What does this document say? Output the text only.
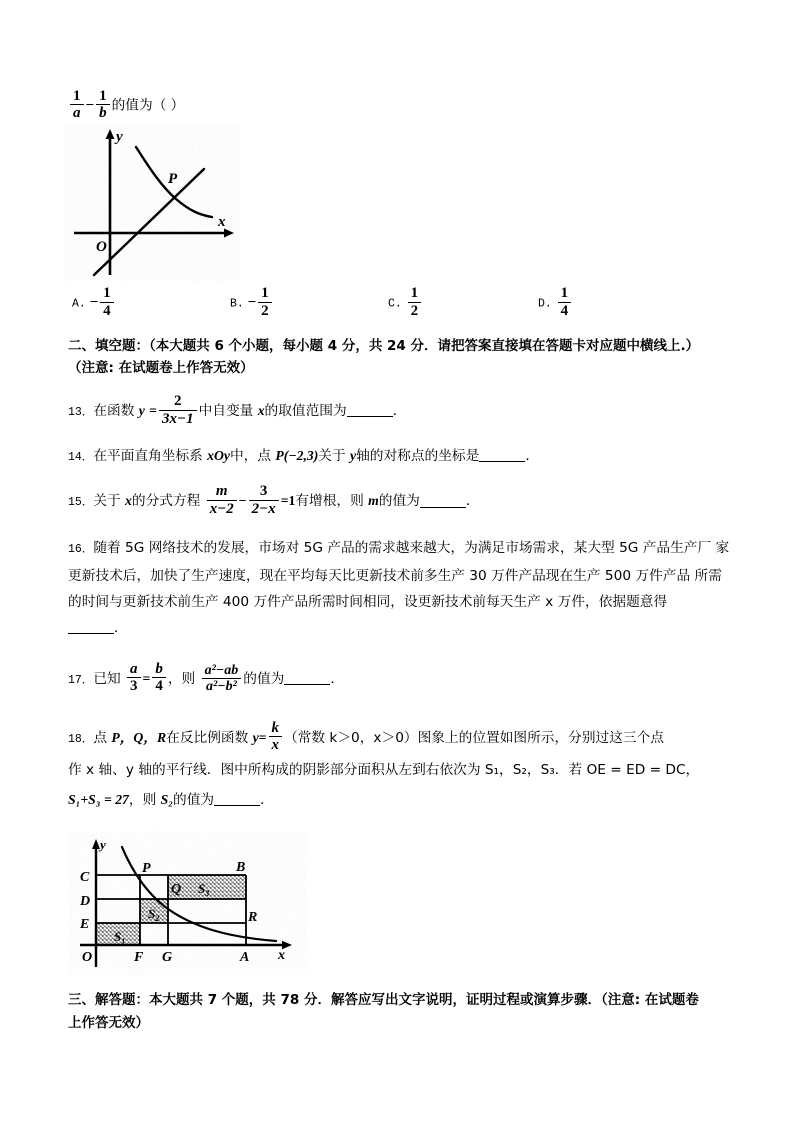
$\frac{1}{a} - \frac{1}{b}$ 的值为（ ）
y
x
O
P
A. − $\frac{1}{4}$	B. − $\frac{1}{2}$	C. $\frac{1}{2}$	D. $\frac{1}{4}$
二、填空题：（本大题共 6 个小题，每小题 4 分，共 24 分．请把答案直接填在答题卡对应题中横线上.）
（注意: 在试题卷上作答无效）
13．在函数 $y = \frac{2}{3x-1}$ 中自变量 x的取值范围为	．
14．在平面直角坐标系 xOy中，点 P(−2,3)关于 y轴的对称点的坐标是	．
15．关于 x的分式方程 $\frac{m}{x-2} - \frac{3}{2-x} =1$有增根，则 m的值为	．
16．随着 5G 网络技术的发展，市场对 5G 产品的需求越来越大，为满足市场需求，某大型 5G 产品生产厂 家更新技术后，加快了生产速度，现在平均每天比更新技术前多生产 30 万件产品现在生产 500 万件产品 所需的时间与更新技术前生产 400 万件产品所需时间相同，设更新技术前每天生产 x 万件，依据题意得
．
17．已知 $\frac{a}{3} = \frac{b}{4}$ ，则 $\frac{\text{a²−ab}}{\text{a²−b²}}$ 的值为	．
18．点 P，Q，R在反比例函数 $y= \frac{k}{x}$ （常数 k＞0，x＞0）图象上的位置如图所示，分别过这三个点
作 x 轴、y 轴的平行线．图中所构成的阴影部分面积从左到右依次为 S₁，S₂，S₃．若 OE = ED = DC，
S₁+S₃ = 27，则 S₂的值为	．
y
x
O	F G	A
C
D
E
P
Q
R
B
$S_1$
$S_2$
$S_3$
三、解答题：本大题共 7 个题，共 78 分．解答应写出文字说明，证明过程或演算步骤．（注意: 在试题卷
上作答无效）
